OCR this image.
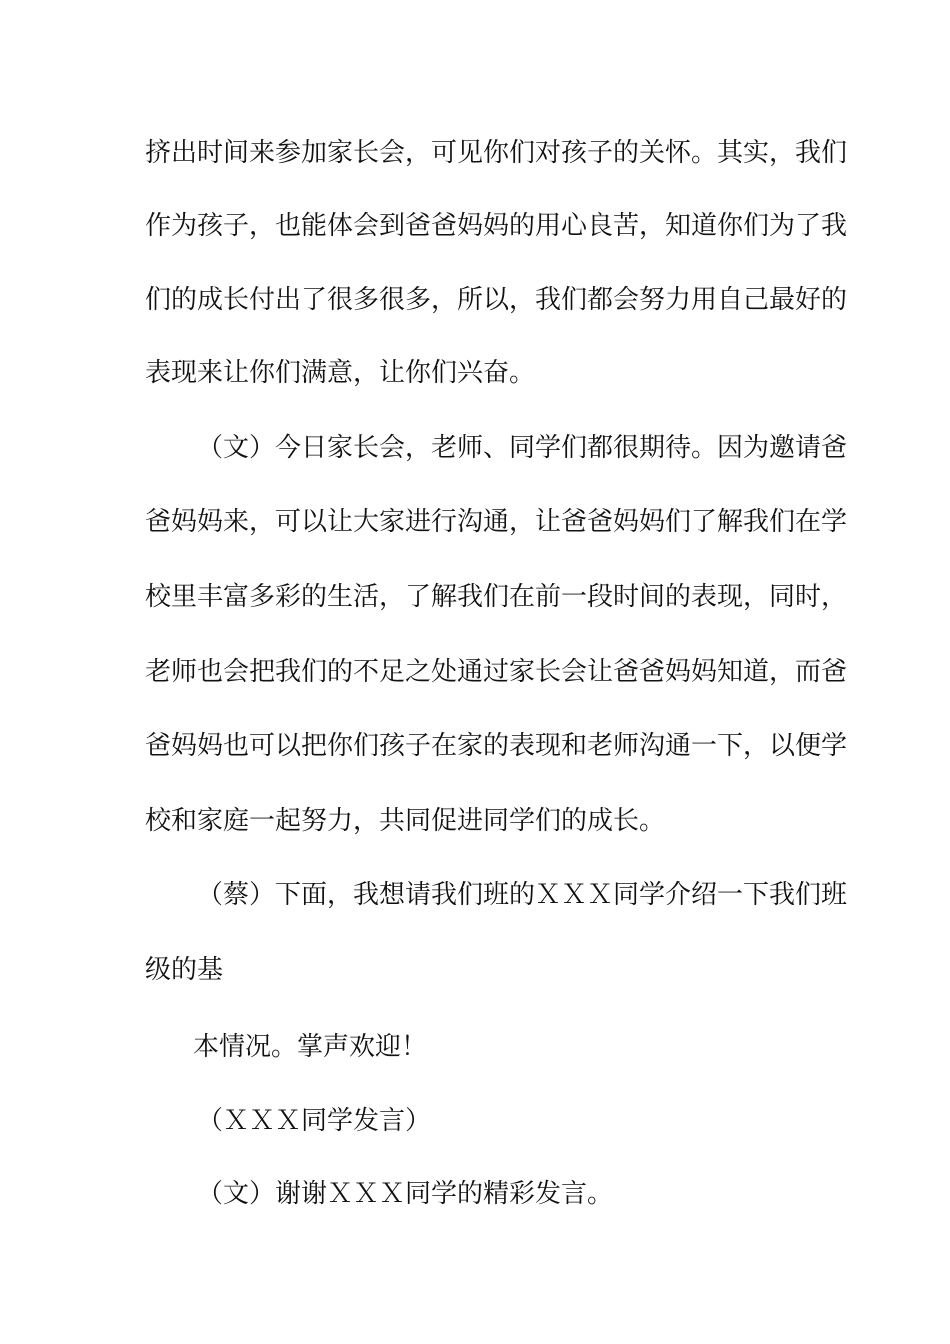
挤出时间来参加家长会，可见你们对孩子的关怀。其实，我们

作为孩子，也能体会到爸爸妈妈的用心良苦，知道你们为了我

们的成长付出了很多很多，所以，我们都会努力用自己最好的

表现来让你们满意，让你们兴奋。

（文）今日家长会，老师、同学们都很期待。因为邀请爸

爸妈妈来，可以让大家进行沟通，让爸爸妈妈们了解我们在学

校里丰富多彩的生活，了解我们在前一段时间的表现，同时，

老师也会把我们的不足之处通过家长会让爸爸妈妈知道，而爸

爸妈妈也可以把你们孩子在家的表现和老师沟通一下，以便学

校和家庭一起努力，共同促进同学们的成长。

（蔡）下面，我想请我们班的ＸＸＸ同学介绍一下我们班

级的基

本情况。掌声欢迎！

（ＸＸＸ同学发言）

（文）谢谢ＸＸＸ同学的精彩发言。
